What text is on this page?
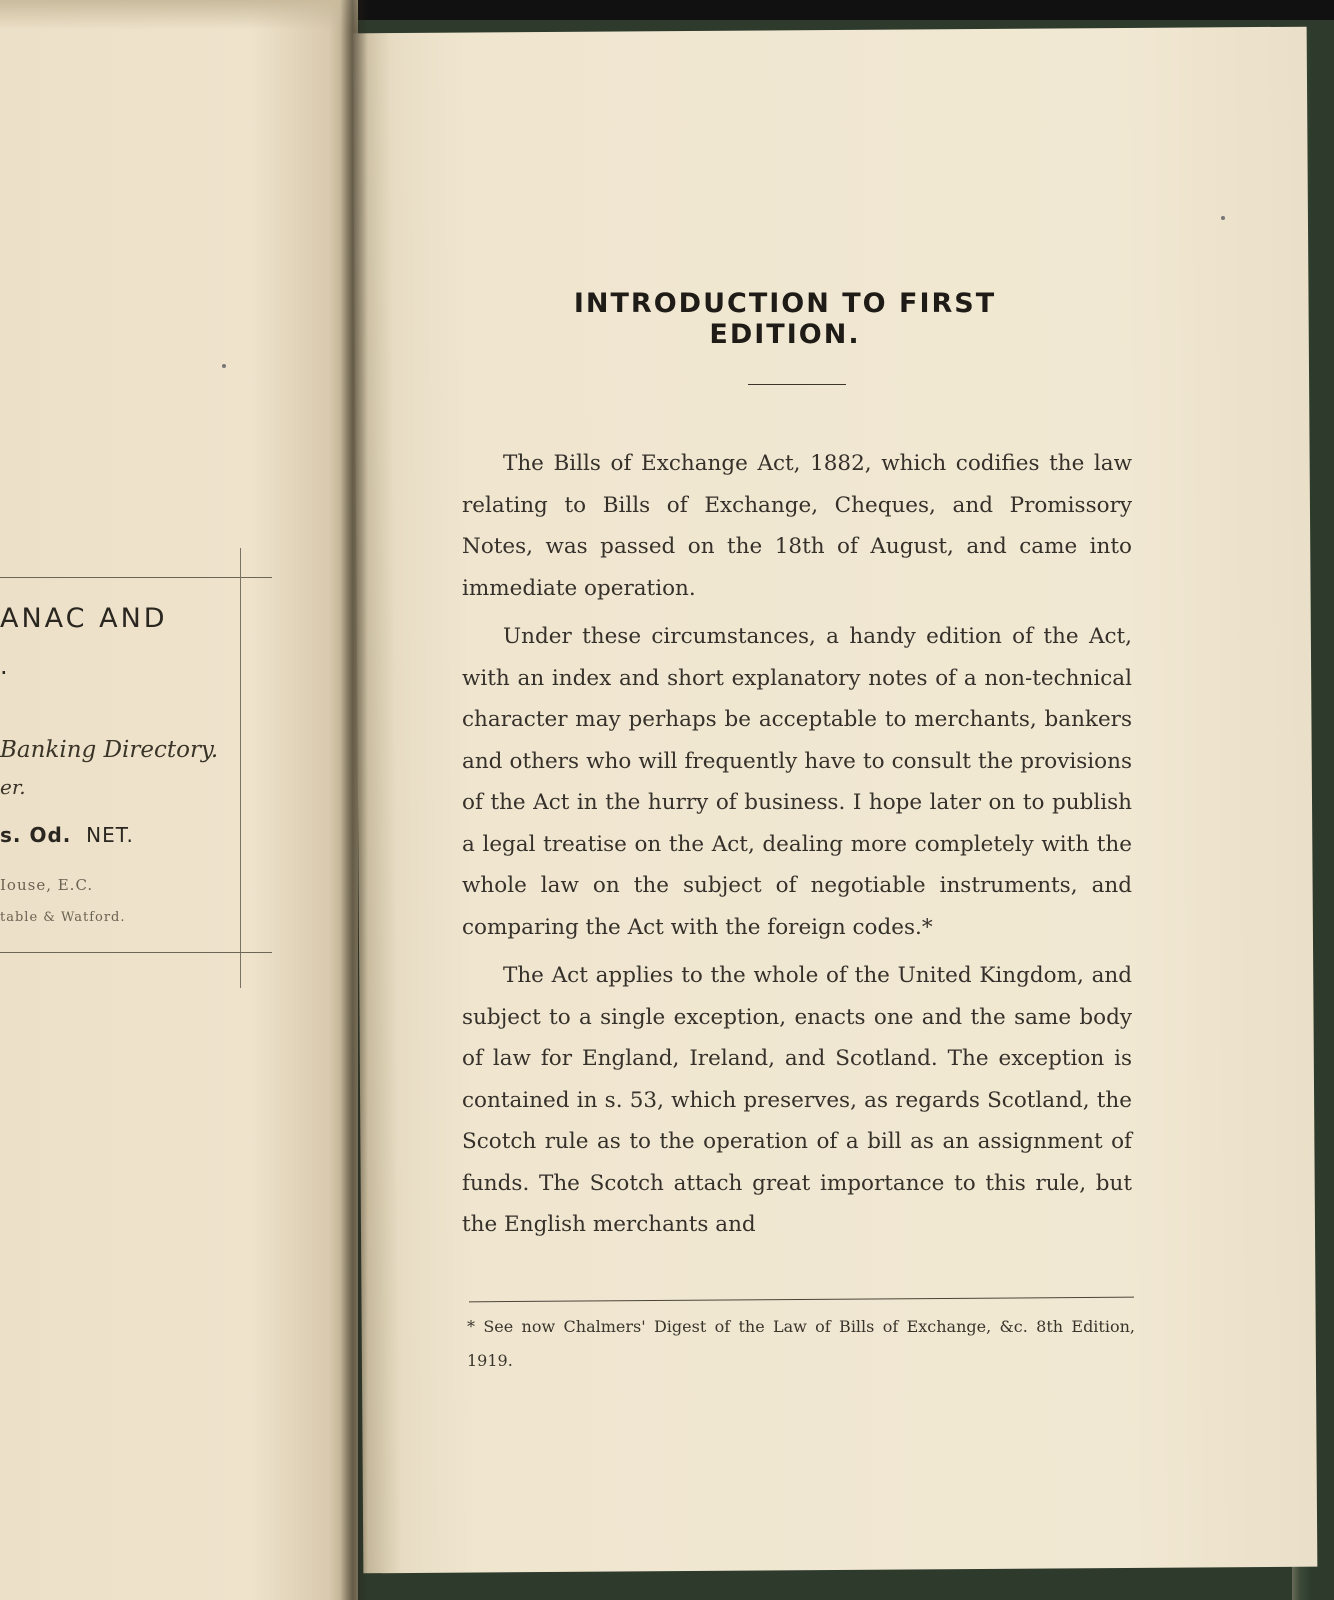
ANAC AND
.
Banking Directory.
er.
s. Od. NET.
Iouse, E.C.
table & Watford.
INTRODUCTION TO FIRST EDITION.

The Bills of Exchange Act, 1882, which codifies the law relating to Bills of Exchange, Cheques, and Promissory Notes, was passed on the 18th of August, and came into immediate operation.

Under these circumstances, a handy edition of the Act, with an index and short explanatory notes of a non-technical character may perhaps be acceptable to merchants, bankers and others who will frequently have to consult the provisions of the Act in the hurry of business. I hope later on to publish a legal treatise on the Act, dealing more completely with the whole law on the subject of negotiable instruments, and comparing the Act with the foreign codes.*

The Act applies to the whole of the United Kingdom, and subject to a single exception, enacts one and the same body of law for England, Ireland, and Scotland. The exception is contained in s. 53, which preserves, as regards Scotland, the Scotch rule as to the operation of a bill as an assignment of funds. The Scotch attach great importance to this rule, but the English merchants and

* See now Chalmers' Digest of the Law of Bills of Exchange, &c. 8th Edition, 1919.
